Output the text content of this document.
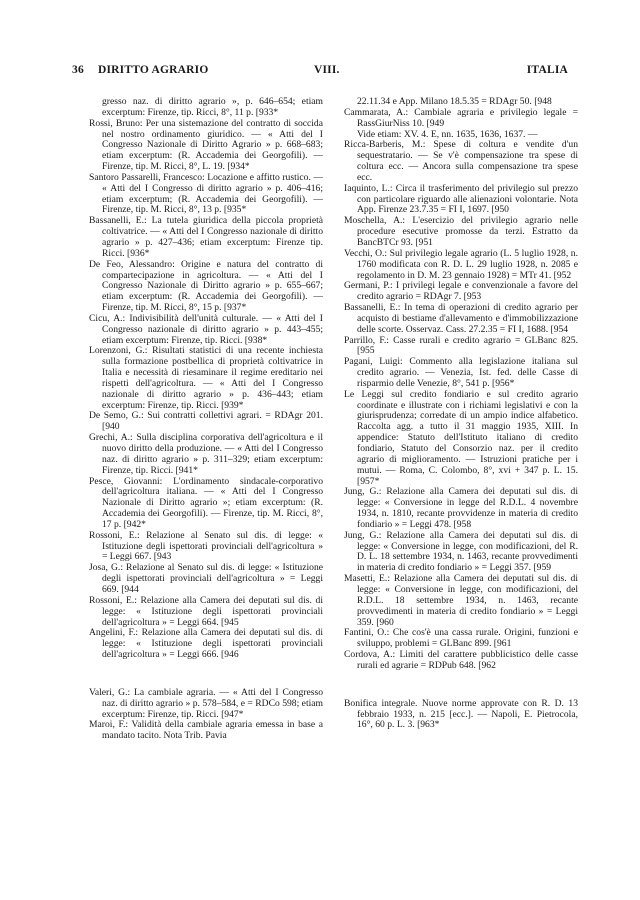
36 DIRITTO AGRARIO	VIII.	ITALIA

gresso naz. di diritto agrario », p. 646–654; etiam excerptum: Firenze, tip. Ricci, 8°, 11 p. [933*

Rossi, Bruno: Per una sistemazione del contratto di soccida nel nostro ordinamento giuridico. — « Atti del I Congresso Nazionale di Diritto Agrario » p. 668–683; etiam excerptum: (R. Accademia dei Georgofili). — Firenze, tip. M. Ricci, 8°, L. 19. [934*

Santoro Passarelli, Francesco: Locazione e affitto rustico. — « Atti del I Congresso di diritto agrario » p. 406–416; etiam excerptum; (R. Accademia dei Georgofili). — Firenze, tip. M. Ricci, 8°, 13 p. [935*

Bassanelli, E.: La tutela giuridica della piccola proprietà coltivatrice. — « Atti del I Congresso nazionale di diritto agrario » p. 427–436; etiam excerptum: Firenze tip. Ricci. [936*

De Feo, Alessandro: Origine e natura del contratto di compartecipazione in agricoltura. — « Atti del I Congresso Nazionale di Diritto agrario » p. 655–667; etiam excerptum: (R. Accademia dei Georgofili). — Firenze, tip. M. Ricci, 8°, 15 p. [937*

Cicu, A.: Indivisibilità dell'unità culturale. — « Atti del I Congresso nazionale di diritto agrario » p. 443–455; etiam excerptum: Firenze, tip. Ricci. [938*

Lorenzoni, G.: Risultati statistici di una recente inchiesta sulla formazione postbellica di proprietà coltivatrice in Italia e necessità di riesaminare il regime ereditario nei rispetti dell'agricoltura. — « Atti del I Congresso nazionale di diritto agrario » p. 436–443; etiam excerptum: Firenze, tip. Ricci. [939*

De Semo, G.: Sui contratti collettivi agrari. = RDAgr 201. [940

Grechi, A.: Sulla disciplina corporativa dell'agricoltura e il nuovo diritto della produzione. — « Atti del I Congresso naz. di diritto agrario » p. 311–329; etiam excerptum: Firenze, tip. Ricci. [941*

Pesce, Giovanni: L'ordinamento sindacale-corporativo dell'agricoltura italiana. — « Atti del I Congresso Nazionale di Diritto agrario »; etiam excerptum: (R. Accademia dei Georgofili). — Firenze, tip. M. Ricci, 8°, 17 p. [942*

Rossoni, E.: Relazione al Senato sul dis. di legge: « Istituzione degli ispettorati provinciali dell'agricoltura » = Leggi 667. [943

Josa, G.: Relazione al Senato sul dis. di legge: « Istituzione degli ispettorati provinciali dell'agricoltura » = Leggi 669. [944

Rossoni, E.: Relazione alla Camera dei deputati sul dis. di legge: « Istituzione degli ispettorati provinciali dell'agricoltura » = Leggi 664. [945

Angelini, F.: Relazione alla Camera dei deputati sul dis. di legge: « Istituzione degli ispettorati provinciali dell'agricoltura » = Leggi 666. [946

Valeri, G.: La cambiale agraria. — « Atti del I Congresso naz. di diritto agrario » p. 578–584, e = RDCo 598; etiam excerptum: Firenze, tip. Ricci. [947*

Maroi, F.: Validità della cambiale agraria emessa in base a mandato tacito. Nota Trib. Pavia

22.11.34 e App. Milano 18.5.35 = RDAgr 50. [948

Cammarata, A.: Cambiale agraria e privilegio legale = RassGiurNiss 10. [949

Vide etiam: XV. 4. E, nn. 1635, 1636, 1637. —

Ricca-Barberis, M.: Spese di coltura e vendite d'un sequestratario. — Se v'è compensazione tra spese di coltura ecc. — Ancora sulla compensazione tra spese ecc.

Iaquinto, L.: Circa il trasferimento del privilegio sul prezzo con particolare riguardo alle alienazioni volontarie. Nota App. Firenze 23.7.35 = FI I, 1697. [950

Moschella, A.: L'esercizio del privilegio agrario nelle procedure esecutive promosse da terzi. Estratto da BancBTCr 93. [951

Vecchi, O.: Sul privilegio legale agrario (L. 5 luglio 1928, n. 1760 modificata con R. D. L. 29 luglio 1928, n. 2085 e regolamento in D. M. 23 gennaio 1928) = MTr 41. [952

Germani, P.: I privilegi legale e convenzionale a favore del credito agrario = RDAgr 7. [953

Bassanelli, E.: In tema di operazioni di credito agrario per acquisto di bestiame d'allevamento e d'immobilizzazione delle scorte. Osservaz. Cass. 27.2.35 = FI I, 1688. [954

Parrillo, F.: Casse rurali e credito agrario = GLBanc 825. [955

Pagani, Luigi: Commento alla legislazione italiana sul credito agrario. — Venezia, Ist. fed. delle Casse di risparmio delle Venezie, 8°, 541 p. [956*

Le Leggi sul credito fondiario e sul credito agrario coordinate e illustrate con i richiami legislativi e con la giurisprudenza; corredate di un ampio indice alfabetico. Raccolta agg. a tutto il 31 maggio 1935, XIII. In appendice: Statuto dell'Istituto italiano di credito fondiario, Statuto del Consorzio naz. per il credito agrario di miglioramento. — Istruzioni pratiche per i mutui. — Roma, C. Colombo, 8°, xvi + 347 p. L. 15. [957*

Jung, G.: Relazione alla Camera dei deputati sul dis. di legge: « Conversione in legge del R.D.L. 4 novembre 1934, n. 1810, recante provvidenze in materia di credito fondiario » = Leggi 478. [958

Jung, G.: Relazione alla Camera dei deputati sul dis. di legge: « Conversione in legge, con modificazioni, del R. D. L. 18 settembre 1934, n. 1463, recante provvedimenti in materia di credito fondiario » = Leggi 357. [959

Masetti, E.: Relazione alla Camera dei deputati sul dis. di legge: « Conversione in legge, con modificazioni, del R.D.L. 18 settembre 1934, n. 1463, recante provvedimenti in materia di credito fondiario » = Leggi 359. [960

Fantini, O.: Che cos'è una cassa rurale. Origini, funzioni e sviluppo, problemi = GLBanc 899. [961

Cordova, A.: Limiti del carattere pubblicistico delle casse rurali ed agrarie = RDPub 648. [962

Bonifica integrale. Nuove norme approvate con R. D. 13 febbraio 1933, n. 215 [ecc.]. — Napoli, E. Pietrocola, 16°, 60 p. L. 3. [963*
